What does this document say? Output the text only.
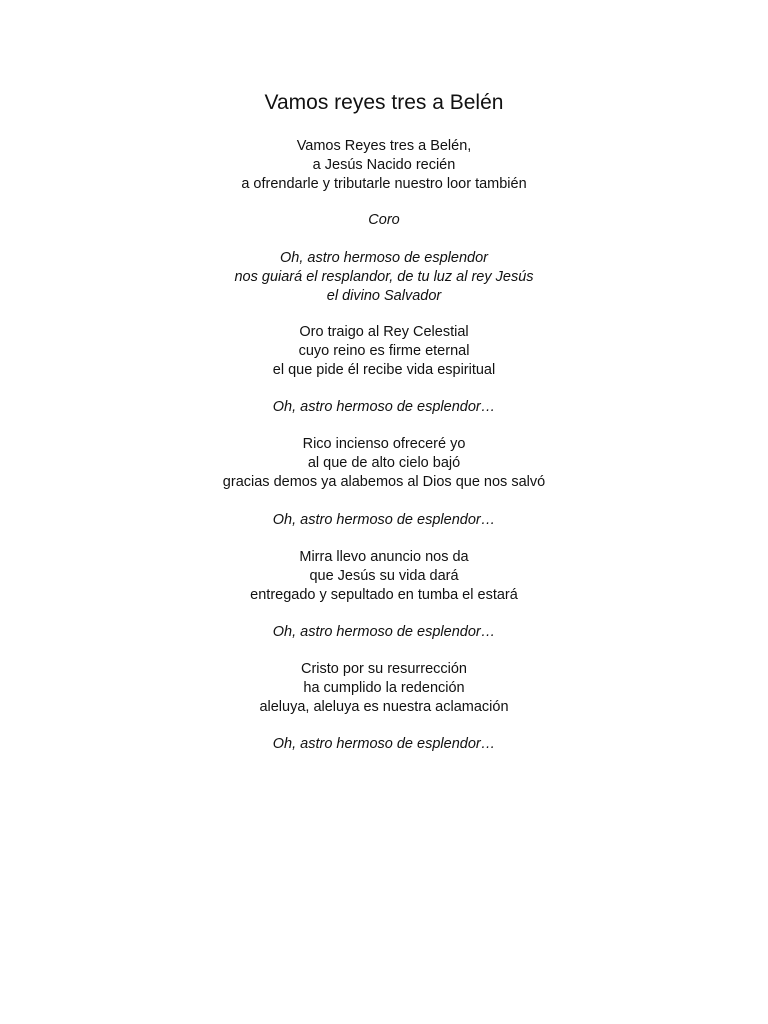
Vamos reyes tres a Belén
Vamos Reyes tres a Belén,
a Jesús Nacido recién
a ofrendarle y tributarle nuestro loor también
Coro
Oh, astro hermoso de esplendor
nos guiará el resplandor, de tu luz al rey Jesús
el divino Salvador
Oro traigo al Rey Celestial
cuyo reino es firme eternal
el que pide él recibe vida espiritual
Oh, astro hermoso de esplendor…
Rico incienso ofreceré yo
al que de alto cielo bajó
gracias demos ya alabemos al Dios que nos salvó
Oh, astro hermoso de esplendor…
Mirra llevo anuncio nos da
que Jesús su vida dará
entregado y sepultado en tumba el estará
Oh, astro hermoso de esplendor…
Cristo por su resurrección
ha cumplido la redención
aleluya, aleluya es nuestra aclamación
Oh, astro hermoso de esplendor…
